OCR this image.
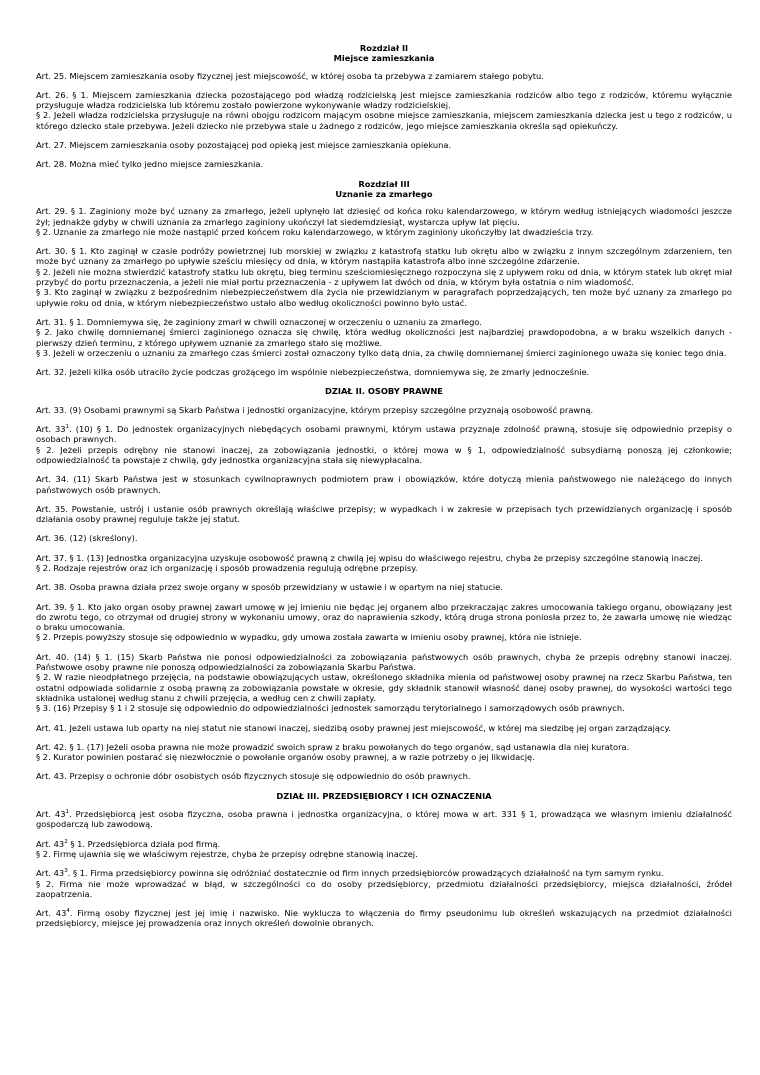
Rozdział II
Miejsce zamieszkania

Art. 25. Miejscem zamieszkania osoby fizycznej jest miejscowość, w której osoba ta przebywa z zamiarem stałego pobytu.

Art. 26. § 1. Miejscem zamieszkania dziecka pozostającego pod władzą rodzicielską jest miejsce zamieszkania rodziców albo tego z rodziców, któremu wyłącznie przysługuje władza rodzicielska lub któremu zostało powierzone wykonywanie władzy rodzicielskiej.

§ 2. Jeżeli władza rodzicielska przysługuje na równi obojgu rodzicom mającym osobne miejsce zamieszkania, miejscem zamieszkania dziecka jest u tego z rodziców, u którego dziecko stale przebywa. Jeżeli dziecko nie przebywa stale u żadnego z rodziców, jego miejsce zamieszkania określa sąd opiekuńczy.

Art. 27. Miejscem zamieszkania osoby pozostającej pod opieką jest miejsce zamieszkania opiekuna.

Art. 28. Można mieć tylko jedno miejsce zamieszkania.

Rozdział III
Uznanie za zmarłego

Art. 29. § 1. Zaginiony może być uznany za zmarłego, jeżeli upłynęło lat dziesięć od końca roku kalendarzowego, w którym według istniejących wiadomości jeszcze żył; jednakże gdyby w chwili uznania za zmarłego zaginiony ukończył lat siedemdziesiąt, wystarcza upływ lat pięciu.

§ 2. Uznanie za zmarłego nie może nastąpić przed końcem roku kalendarzowego, w którym zaginiony ukończyłby lat dwadzieścia trzy.

Art. 30. § 1. Kto zaginął w czasie podróży powietrznej lub morskiej w związku z katastrofą statku lub okrętu albo w związku z innym szczególnym zdarzeniem, ten może być uznany za zmarłego po upływie sześciu miesięcy od dnia, w którym nastąpiła katastrofa albo inne szczególne zdarzenie.

§ 2. Jeżeli nie można stwierdzić katastrofy statku lub okrętu, bieg terminu sześciomiesięcznego rozpoczyna się z upływem roku od dnia, w którym statek lub okręt miał przybyć do portu przeznaczenia, a jeżeli nie miał portu przeznaczenia - z upływem lat dwóch od dnia, w którym była ostatnia o nim wiadomość.

§ 3. Kto zaginął w związku z bezpośrednim niebezpieczeństwem dla życia nie przewidzianym w paragrafach poprzedzających, ten może być uznany za zmarłego po upływie roku od dnia, w którym niebezpieczeństwo ustało albo według okoliczności powinno było ustać.

Art. 31. § 1. Domniemywa się, że zaginiony zmarł w chwili oznaczonej w orzeczeniu o uznaniu za zmarłego.

§ 2. Jako chwilę domniemanej śmierci zaginionego oznacza się chwilę, która według okoliczności jest najbardziej prawdopodobna, a w braku wszelkich danych - pierwszy dzień terminu, z którego upływem uznanie za zmarłego stało się możliwe.

§ 3. Jeżeli w orzeczeniu o uznaniu za zmarłego czas śmierci został oznaczony tylko datą dnia, za chwilę domniemanej śmierci zaginionego uważa się koniec tego dnia.

Art. 32. Jeżeli kilka osób utraciło życie podczas grożącego im wspólnie niebezpieczeństwa, domniemywa się, że zmarły jednocześnie.

DZIAŁ II. OSOBY PRAWNE

Art. 33. (9) Osobami prawnymi są Skarb Państwa i jednostki organizacyjne, którym przepisy szczególne przyznają osobowość prawną.

Art. $33^1$. (10) § 1. Do jednostek organizacyjnych niebędących osobami prawnymi, którym ustawa przyznaje zdolność prawną, stosuje się odpowiednio przepisy o osobach prawnych.

§ 2. Jeżeli przepis odrębny nie stanowi inaczej, za zobowiązania jednostki, o której mowa w § 1, odpowiedzialność subsydiarną ponoszą jej członkowie; odpowiedzialność ta powstaje z chwilą, gdy jednostka organizacyjna stała się niewypłacalna.

Art. 34. (11) Skarb Państwa jest w stosunkach cywilnoprawnych podmiotem praw i obowiązków, które dotyczą mienia państwowego nie należącego do innych państwowych osób prawnych.

Art. 35. Powstanie, ustrój i ustanie osób prawnych określają właściwe przepisy; w wypadkach i w zakresie w przepisach tych przewidzianych organizację i sposób działania osoby prawnej reguluje także jej statut.

Art. 36. (12) (skreślony).

Art. 37. § 1. (13) Jednostka organizacyjna uzyskuje osobowość prawną z chwilą jej wpisu do właściwego rejestru, chyba że przepisy szczególne stanowią inaczej.

§ 2. Rodzaje rejestrów oraz ich organizację i sposób prowadzenia regulują odrębne przepisy.

Art. 38. Osoba prawna działa przez swoje organy w sposób przewidziany w ustawie i w opartym na niej statucie.

Art. 39. § 1. Kto jako organ osoby prawnej zawarł umowę w jej imieniu nie będąc jej organem albo przekraczając zakres umocowania takiego organu, obowiązany jest do zwrotu tego, co otrzymał od drugiej strony w wykonaniu umowy, oraz do naprawienia szkody, którą druga strona poniosła przez to, że zawarła umowę nie wiedząc o braku umocowania.

§ 2. Przepis powyższy stosuje się odpowiednio w wypadku, gdy umowa została zawarta w imieniu osoby prawnej, która nie istnieje.

Art. 40. (14) § 1. (15) Skarb Państwa nie ponosi odpowiedzialności za zobowiązania państwowych osób prawnych, chyba że przepis odrębny stanowi inaczej. Państwowe osoby prawne nie ponoszą odpowiedzialności za zobowiązania Skarbu Państwa.

§ 2. W razie nieodpłatnego przejęcia, na podstawie obowiązujących ustaw, określonego składnika mienia od państwowej osoby prawnej na rzecz Skarbu Państwa, ten ostatni odpowiada solidarnie z osobą prawną za zobowiązania powstałe w okresie, gdy składnik stanowił własność danej osoby prawnej, do wysokości wartości tego składnika ustalonej według stanu z chwili przejęcia, a według cen z chwili zapłaty.

§ 3. (16) Przepisy § 1 i 2 stosuje się odpowiednio do odpowiedzialności jednostek samorządu terytorialnego i samorządowych osób prawnych.

Art. 41. Jeżeli ustawa lub oparty na niej statut nie stanowi inaczej, siedzibą osoby prawnej jest miejscowość, w której ma siedzibę jej organ zarządzający.

Art. 42. § 1. (17) Jeżeli osoba prawna nie może prowadzić swoich spraw z braku powołanych do tego organów, sąd ustanawia dla niej kuratora.

§ 2. Kurator powinien postarać się niezwłocznie o powołanie organów osoby prawnej, a w razie potrzeby o jej likwidację.

Art. 43. Przepisy o ochronie dóbr osobistych osób fizycznych stosuje się odpowiednio do osób prawnych.

DZIAŁ III. PRZEDSIĘBIORCY I ICH OZNACZENIA

Art. $43^1$. Przedsiębiorcą jest osoba fizyczna, osoba prawna i jednostka organizacyjna, o której mowa w art. 331 § 1, prowadząca we własnym imieniu działalność gospodarczą lub zawodową.

Art. $43^2$ § 1. Przedsiębiorca działa pod firmą.

§ 2. Firmę ujawnia się we właściwym rejestrze, chyba że przepisy odrębne stanowią inaczej.

Art. $43^3$. § 1. Firma przedsiębiorcy powinna się odróżniać dostatecznie od firm innych przedsiębiorców prowadzących działalność na tym samym rynku.

§ 2. Firma nie może wprowadzać w błąd, w szczególności co do osoby przedsiębiorcy, przedmiotu działalności przedsiębiorcy, miejsca działalności, źródeł zaopatrzenia.

Art. $43^4$. Firmą osoby fizycznej jest jej imię i nazwisko. Nie wyklucza to włączenia do firmy pseudonimu lub określeń wskazujących na przedmiot działalności przedsiębiorcy, miejsce jej prowadzenia oraz innych określeń dowolnie obranych.
